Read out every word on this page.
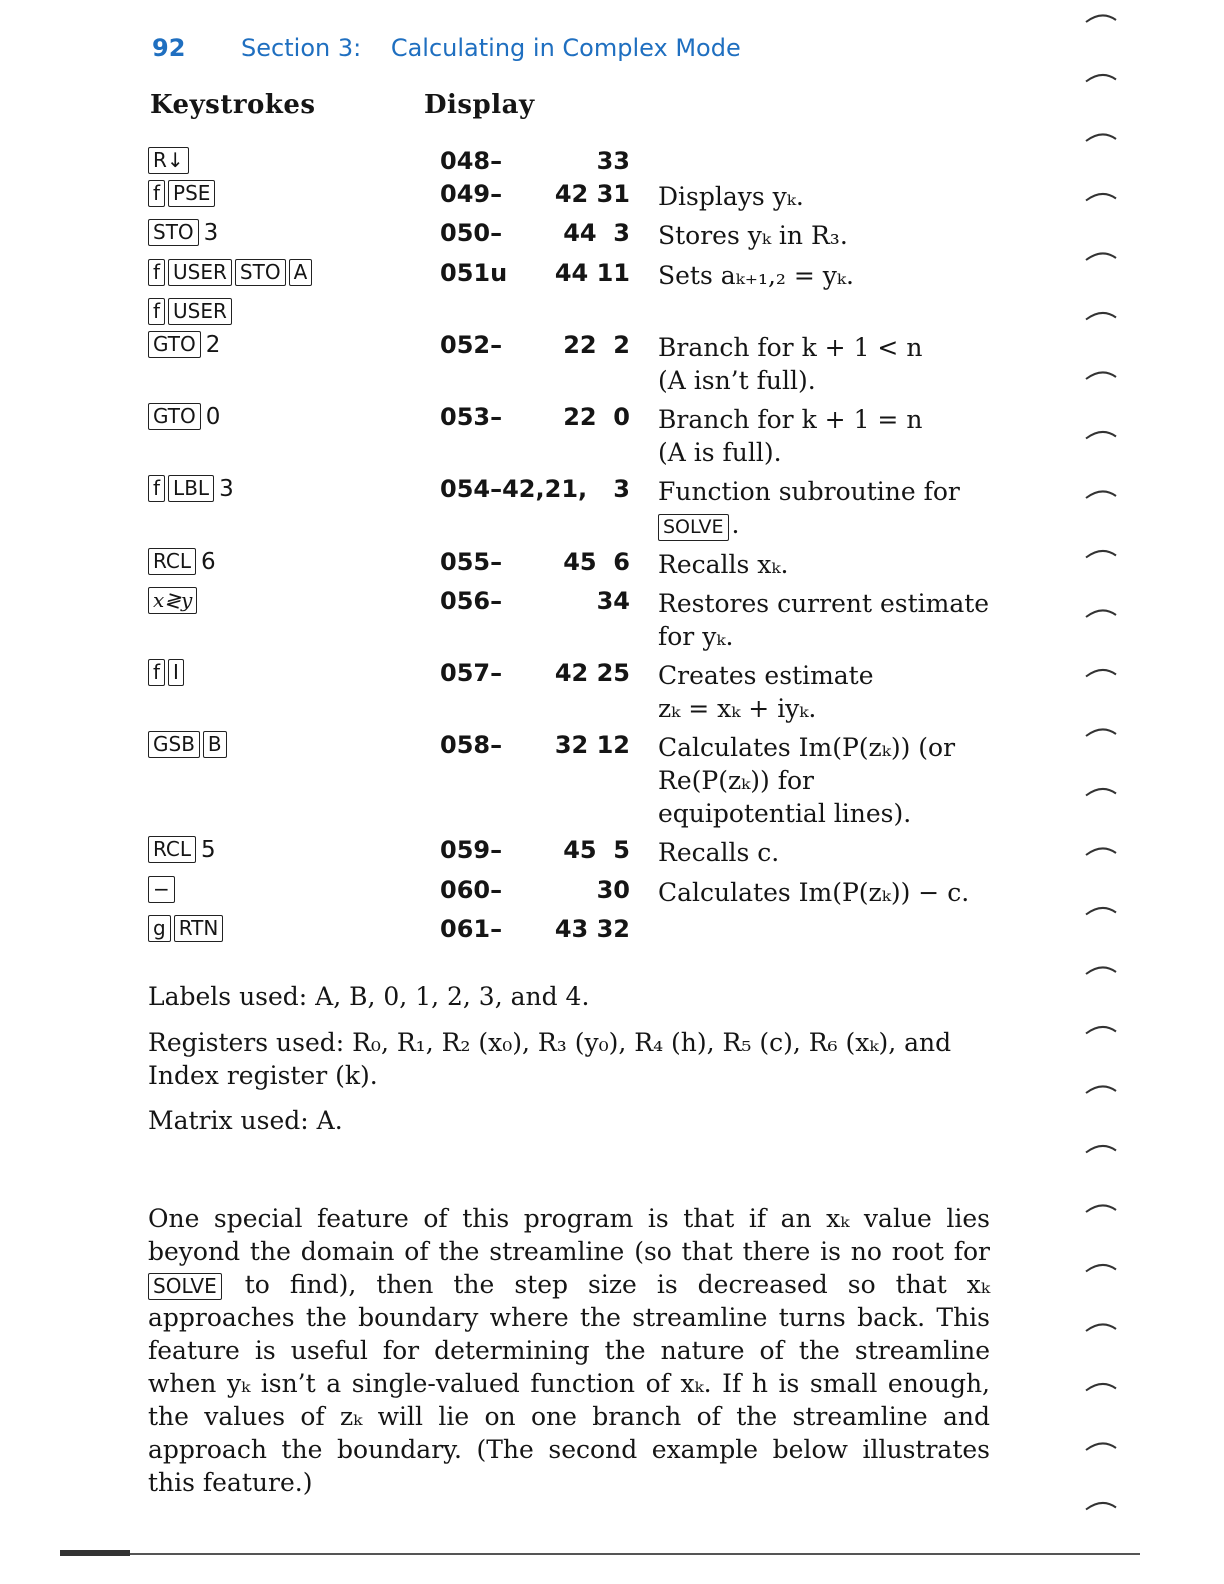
92 Section 3: Calculating in Complex Mode
Keystrokes	Display
R↓	048–	33
f PSE	049–	42 31 Displays yₖ.
STO 3	050–	44  3 Stores yₖ in R₃.
f USER STO A	051u	44 11 Sets aₖ₊₁,₂ = yₖ.
f USER
GTO 2	052–	22  2 Branch for k + 1 < n
(A isn’t full).
GTO 0	053–	22  0 Branch for k + 1 = n
(A is full).
f LBL 3	054–42,21,	3 Function subroutine for
SOLVE .
RCL 6	055–	45  6 Recalls xₖ.
x≷y	056–	34 Restores current estimate
for yₖ.
f I	057–	42 25 Creates estimate
zₖ = xₖ + iyₖ.
GSB B	058–	32 12 Calculates Im(P(zₖ)) (or
Re(P(zₖ)) for
equipotential lines).
RCL 5	059–	45  5 Recalls c.
−	060–	30 Calculates Im(P(zₖ)) − c.
g RTN	061–	43 32
Labels used: A, B, 0, 1, 2, 3, and 4.
Registers used: R₀, R₁, R₂ (x₀), R₃ (y₀), R₄ (h), R₅ (c), R₆ (xₖ), and Index register (k).
Matrix used: A.
One special feature of this program is that if an xₖ value lies beyond the domain of the streamline (so that there is no root for SOLVE to find), then the step size is decreased so that xₖ approaches the boundary where the streamline turns back. This feature is useful for determining the nature of the streamline when yₖ isn’t a single-valued function of xₖ. If h is small enough, the values of zₖ will lie on one branch of the streamline and approach the boundary. (The second example below illustrates this feature.)
